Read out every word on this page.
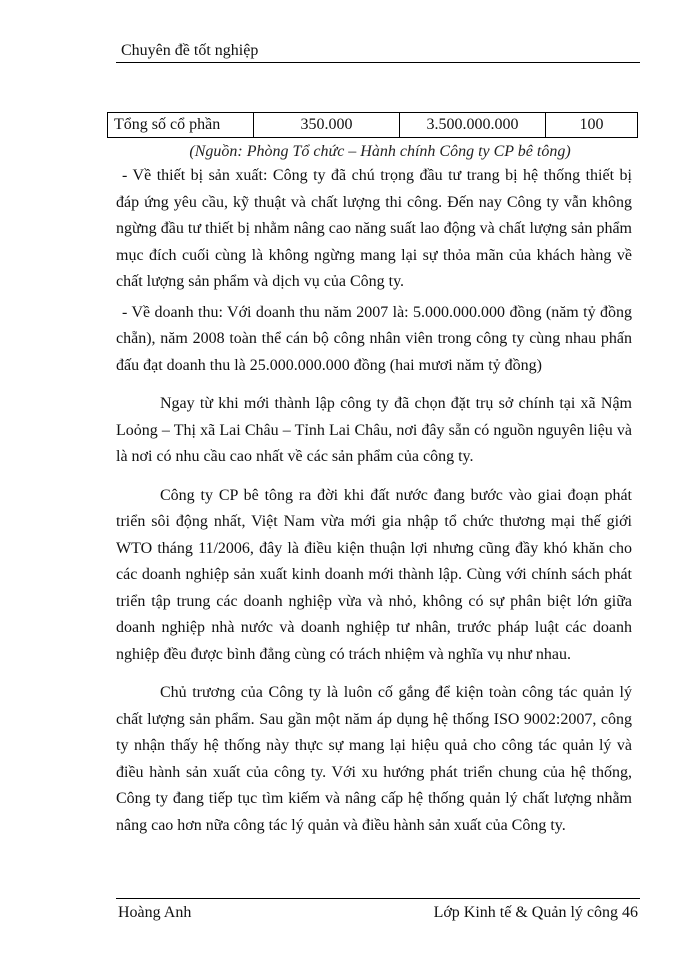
Chuyên đề tốt nghiệp
Tổng số cổ phần	350.000	3.500.000.000	100
(Nguồn: Phòng Tổ chức – Hành chính Công ty CP bê tông)

- Về thiết bị sản xuất: Công ty đã chú trọng đầu tư trang bị hệ thống thiết bị đáp ứng yêu cầu, kỹ thuật và chất lượng thi công. Đến nay Công ty vẫn không ngừng đầu tư thiết bị nhằm nâng cao năng suất lao động và chất lượng sản phẩm mục đích cuối cùng là không ngừng mang lại sự thỏa mãn của khách hàng về chất lượng sản phẩm và dịch vụ của Công ty.

- Về doanh thu: Với doanh thu năm 2007 là: 5.000.000.000 đồng (năm tỷ đồng chẵn), năm 2008 toàn thể cán bộ công nhân viên trong công ty cùng nhau phấn đấu đạt doanh thu là 25.000.000.000 đồng (hai mươi năm tỷ đồng)

Ngay từ khi mới thành lập công ty đã chọn đặt trụ sở chính tại xã Nậm Loỏng – Thị xã Lai Châu – Tỉnh Lai Châu, nơi đây sẵn có nguồn nguyên liệu và là nơi có nhu cầu cao nhất về các sản phẩm của công ty.

Công ty CP bê tông ra đời khi đất nước đang bước vào giai đoạn phát triển sôi động nhất, Việt Nam vừa mới gia nhập tổ chức thương mại thế giới WTO tháng 11/2006, đây là điều kiện thuận lợi nhưng cũng đầy khó khăn cho các doanh nghiệp sản xuất kinh doanh mới thành lập. Cùng với chính sách phát triển tập trung các doanh nghiệp vừa và nhỏ, không có sự phân biệt lớn giữa doanh nghiệp nhà nước và doanh nghiệp tư nhân, trước pháp luật các doanh nghiệp đều được bình đẳng cùng có trách nhiệm và nghĩa vụ như nhau.

Chủ trương của Công ty là luôn cố gắng để kiện toàn công tác quản lý chất lượng sản phẩm. Sau gần một năm áp dụng hệ thống ISO 9002:2007, công ty nhận thấy hệ thống này thực sự mang lại hiệu quả cho công tác quản lý và điều hành sản xuất của công ty. Với xu hướng phát triển chung của hệ thống, Công ty đang tiếp tục tìm kiếm và nâng cấp hệ thống quản lý chất lượng nhằm nâng cao hơn nữa công tác lý quản và điều hành sản xuất của Công ty.

Hoàng Anh	Lớp Kinh tế & Quản lý công 46
